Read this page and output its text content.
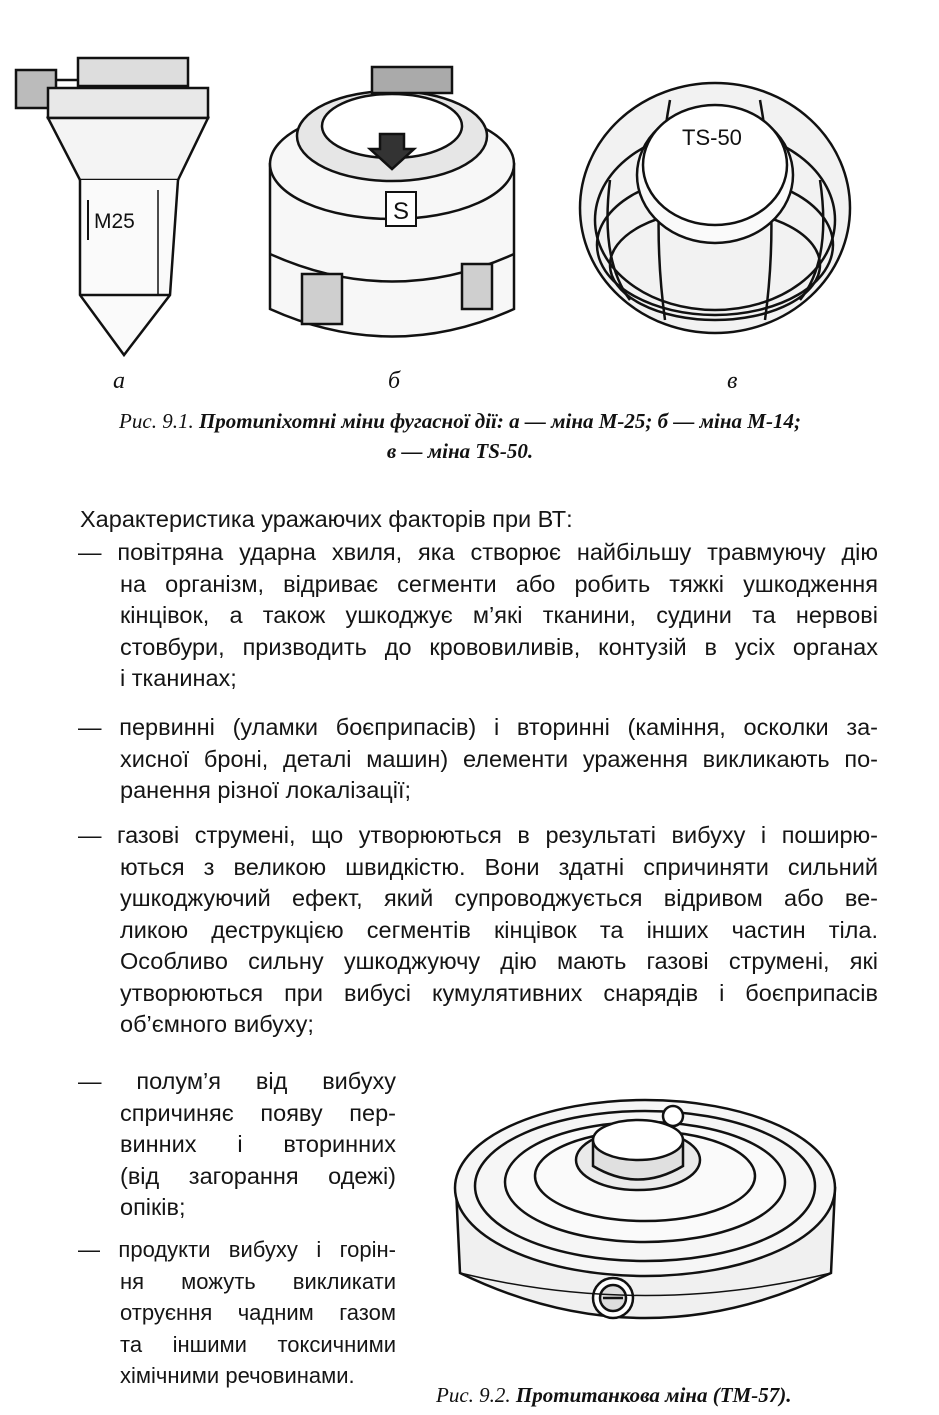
M25	S
TS-50
а	б	в
Рис. 9.1. Протипіхотні міни фугасної дії: а — міна М-25; б — міна М-14;
в — міна TS-50.
Характеристика уражаючих факторів при ВТ:
— повітряна ударна хвиля, яка створює найбільшу травмуючу дію
на організм, відриває сегменти або робить тяжкі ушкодження
кінцівок, а також ушкоджує м’які тканини, судини та нервові
стовбури, призводить до крововиливів, контузій в усіх органах
і тканинах;
— первинні (уламки боєприпасів) і вторинні (каміння, осколки за-
хисної броні, деталі машин) елементи ураження викликають по-
ранення різної локалізації;
— газові струмені, що утворюються в результаті вибуху і поширю-
ються з великою швидкістю. Вони здатні спричиняти сильний
ушкоджуючий ефект, який супроводжується відривом або ве-
ликою деструкцією сегментів кінцівок та інших частин тіла.
Особливо сильну ушкоджуючу дію мають газові струмені, які
утворюються при вибусі кумулятивних снарядів і боєприпасів
об’ємного вибуху;
— полум’я від вибуху
спричиняє появу пер-
винних і вторинних
(від загорання одежі)
опіків;
— продукти вибуху і горін-
ня можуть викликати
отруєння чадним газом
та іншими токсичними
хімічними речовинами.
Рис. 9.2. Протитанкова міна (ТМ-57).
